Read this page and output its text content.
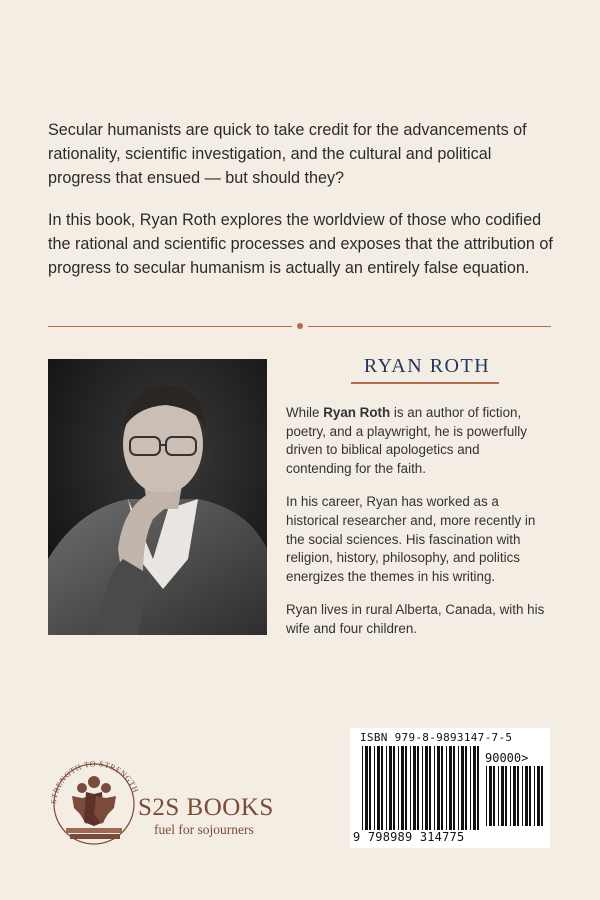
Secular humanists are quick to take credit for the advancements of rationality, scientific investigation, and the cultural and political progress that ensued — but should they?

In this book, Ryan Roth explores the worldview of those who codified the rational and scientific processes and exposes that the attribution of progress to secular humanism is actually an entirely false equation.

RYAN ROTH

While Ryan Roth is an author of fiction, poetry, and a playwright, he is powerfully driven to biblical apologetics and contending for the faith.

In his career, Ryan has worked as a historical researcher and, more recently in the social sciences. His fascination with religion, history, philosophy, and politics energizes the themes in his writing.

Ryan lives in rural Alberta, Canada, with his wife and four children.

STRENGTH TO STRENGTH
S2S BOOKS
fuel for sojourners
ISBN 979-8-9893147-7-5
90000>
9 798989 314775
